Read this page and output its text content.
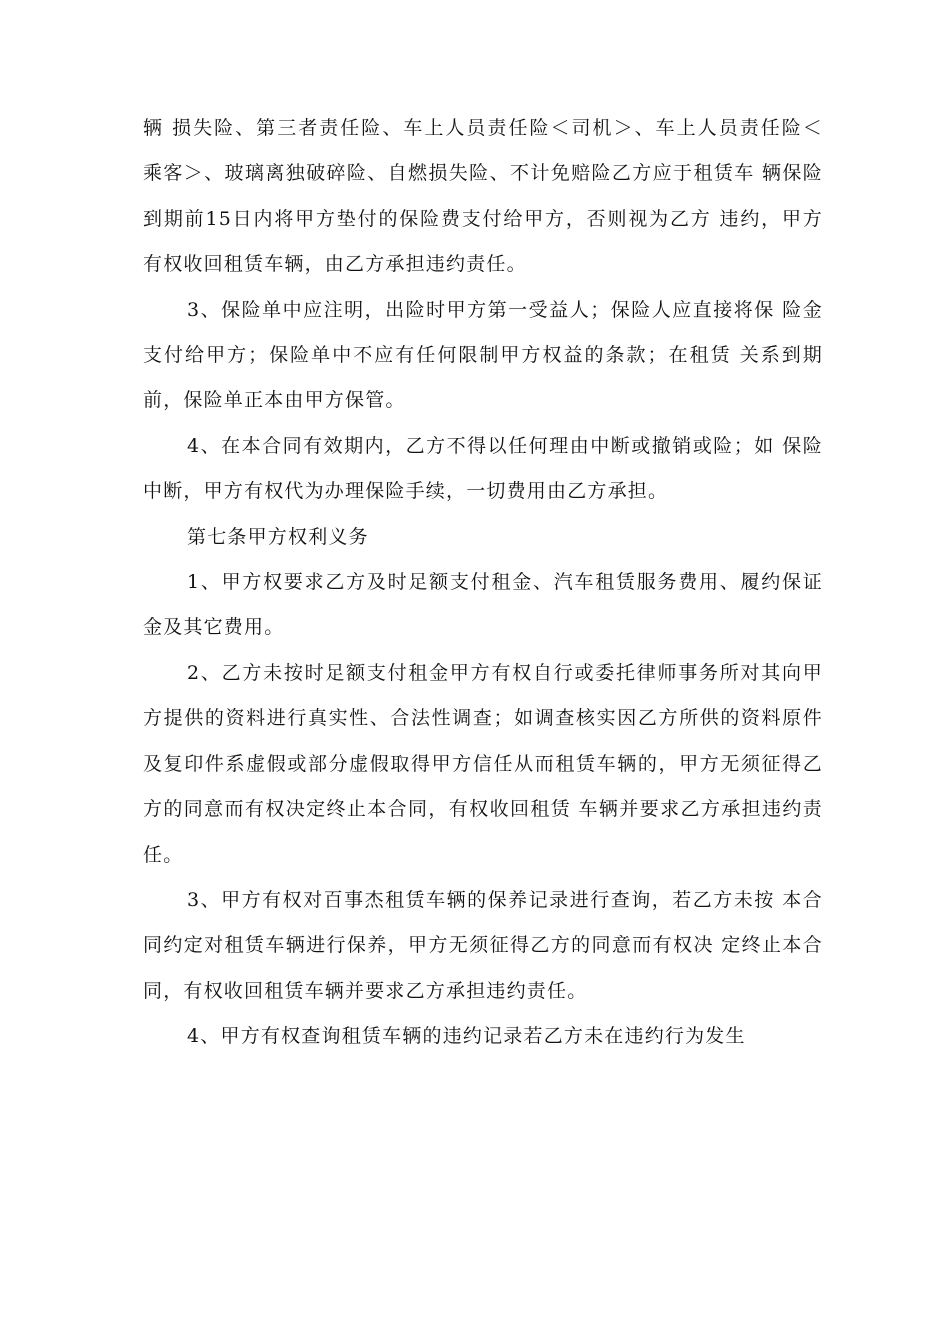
辆 损失险、第三者责任险、车上人员责任险＜司机＞、车上人员责任险＜ 乘客＞、玻璃离独破碎险、自燃损失险、不计免赔险乙方应于租赁车 辆保险到期前15日内将甲方垫付的保险费支付给甲方，否则视为乙方 违约，甲方有权收回租赁车辆，由乙方承担违约责任。

3、保险单中应注明，出险时甲方第一受益人；保险人应直接将保 险金支付给甲方；保险单中不应有任何限制甲方权益的条款；在租赁 关系到期前，保险单正本由甲方保管。

4、在本合同有效期内，乙方不得以任何理由中断或撤销或险；如 保险中断，甲方有权代为办理保险手续，一切费用由乙方承担。

第七条甲方权利义务

1、甲方权要求乙方及时足额支付租金、汽车租赁服务费用、履约保证金及其它费用。

2、乙方未按时足额支付租金甲方有权自行或委托律师事务所对其向甲方提供的资料进行真实性、合法性调查；如调查核实因乙方所供的资料原件及复印件系虚假或部分虚假取得甲方信任从而租赁车辆的，甲方无须征得乙方的同意而有权决定终止本合同，有权收回租赁 车辆并要求乙方承担违约责任。

3、甲方有权对百事杰租赁车辆的保养记录进行查询，若乙方未按 本合同约定对租赁车辆进行保养，甲方无须征得乙方的同意而有权决 定终止本合同，有权收回租赁车辆并要求乙方承担违约责任。

4、甲方有权查询租赁车辆的违约记录若乙方未在违约行为发生
